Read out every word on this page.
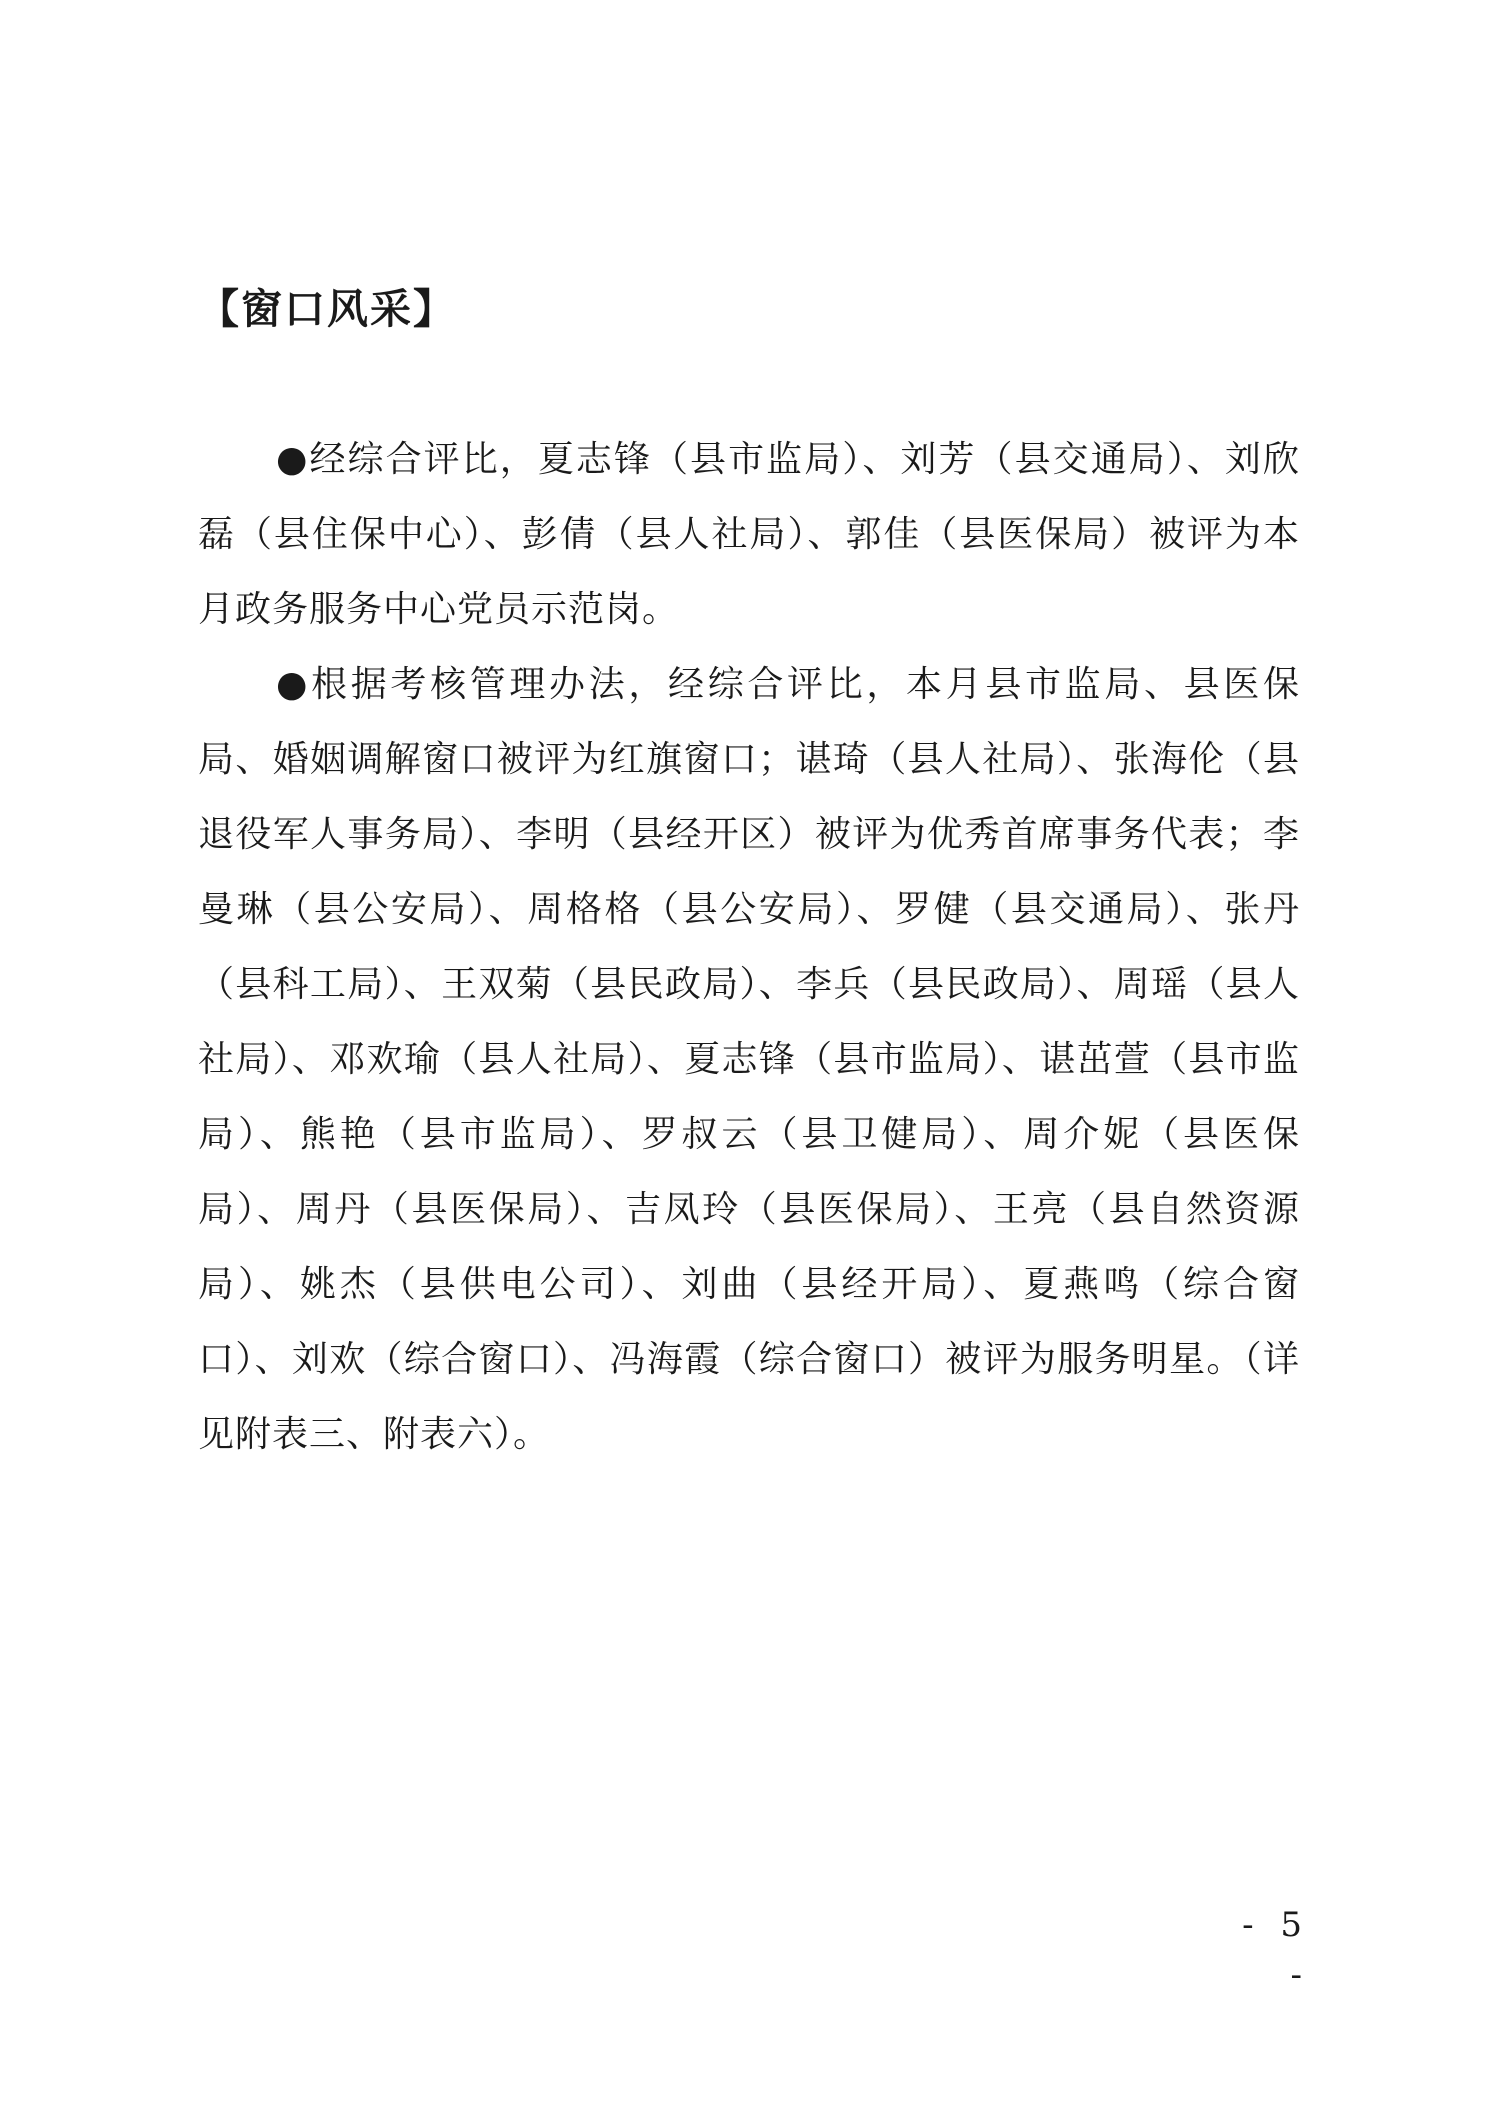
【窗口风采】

●经综合评比，夏志锋（县市监局）、刘芳（县交通局）、刘欣磊（县住保中心）、彭倩（县人社局）、郭佳（县医保局）被评为本月政务服务中心党员示范岗。

●根据考核管理办法，经综合评比，本月县市监局、县医保局、婚姻调解窗口被评为红旗窗口；谌琦（县人社局）、张海伦（县退役军人事务局）、李明（县经开区）被评为优秀首席事务代表；李曼琳（县公安局）、周格格（县公安局）、罗健（县交通局）、张丹（县科工局）、王双菊（县民政局）、李兵（县民政局）、周瑶（县人社局）、邓欢瑜（县人社局）、夏志锋（县市监局）、谌茁萱（县市监局）、熊艳（县市监局）、罗叔云（县卫健局）、周介妮（县医保局）、周丹（县医保局）、吉凤玲（县医保局）、王亮（县自然资源局）、姚杰（县供电公司）、刘曲（县经开局）、夏燕鸣（综合窗口）、刘欢（综合窗口）、冯海霞（综合窗口）被评为服务明星。（详见附表三、附表六）。

- 5 -
